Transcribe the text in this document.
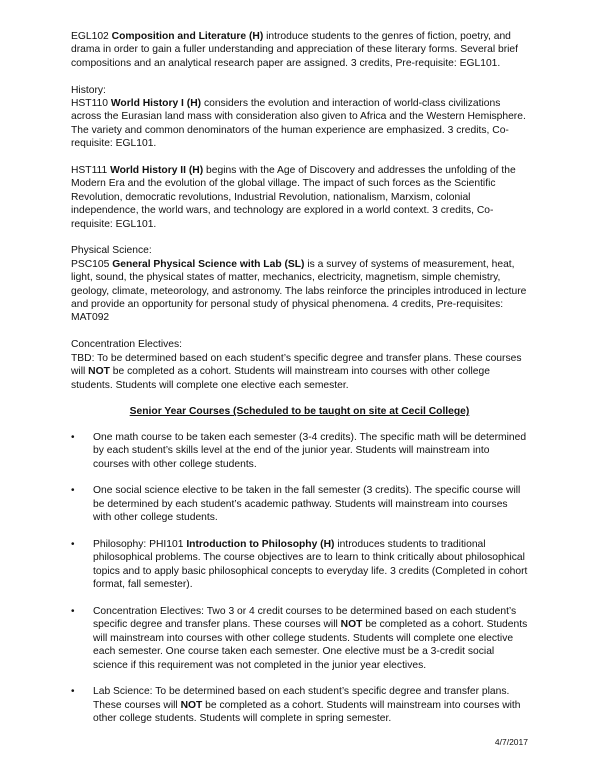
EGL102 Composition and Literature (H) introduce students to the genres of fiction, poetry, and drama in order to gain a fuller understanding and appreciation of these literary forms. Several brief compositions and an analytical research paper are assigned. 3 credits, Pre-requisite: EGL101.

History:

HST110 World History I (H) considers the evolution and interaction of world-class civilizations across the Eurasian land mass with consideration also given to Africa and the Western Hemisphere. The variety and common denominators of the human experience are emphasized. 3 credits, Co-requisite: EGL101.

HST111 World History II (H) begins with the Age of Discovery and addresses the unfolding of the Modern Era and the evolution of the global village. The impact of such forces as the Scientific Revolution, democratic revolutions, Industrial Revolution, nationalism, Marxism, colonial independence, the world wars, and technology are explored in a world context. 3 credits, Co-requisite: EGL101.

Physical Science:

PSC105 General Physical Science with Lab (SL) is a survey of systems of measurement, heat, light, sound, the physical states of matter, mechanics, electricity, magnetism, simple chemistry, geology, climate, meteorology, and astronomy. The labs reinforce the principles introduced in lecture and provide an opportunity for personal study of physical phenomena. 4 credits, Pre-requisites: MAT092

Concentration Electives:

TBD: To be determined based on each student’s specific degree and transfer plans. These courses will NOT be completed as a cohort. Students will mainstream into courses with other college students. Students will complete one elective each semester.

Senior Year Courses (Scheduled to be taught on site at Cecil College)

•	One math course to be taken each semester (3-4 credits). The specific math will be determined by each student’s skills level at the end of the junior year. Students will mainstream into courses with other college students.
•	One social science elective to be taken in the fall semester (3 credits). The specific course will be determined by each student’s academic pathway. Students will mainstream into courses with other college students.
•	Philosophy: PHI101 Introduction to Philosophy (H) introduces students to traditional philosophical problems. The course objectives are to learn to think critically about philosophical topics and to apply basic philosophical concepts to everyday life. 3 credits (Completed in cohort format, fall semester).
•	Concentration Electives: Two 3 or 4 credit courses to be determined based on each student’s specific degree and transfer plans. These courses will NOT be completed as a cohort. Students will mainstream into courses with other college students. Students will complete one elective each semester. One course taken each semester. One elective must be a 3-credit social science if this requirement was not completed in the junior year electives.
•	Lab Science: To be determined based on each student’s specific degree and transfer plans. These courses will NOT be completed as a cohort. Students will mainstream into courses with other college students. Students will complete in spring semester.
4/7/2017
